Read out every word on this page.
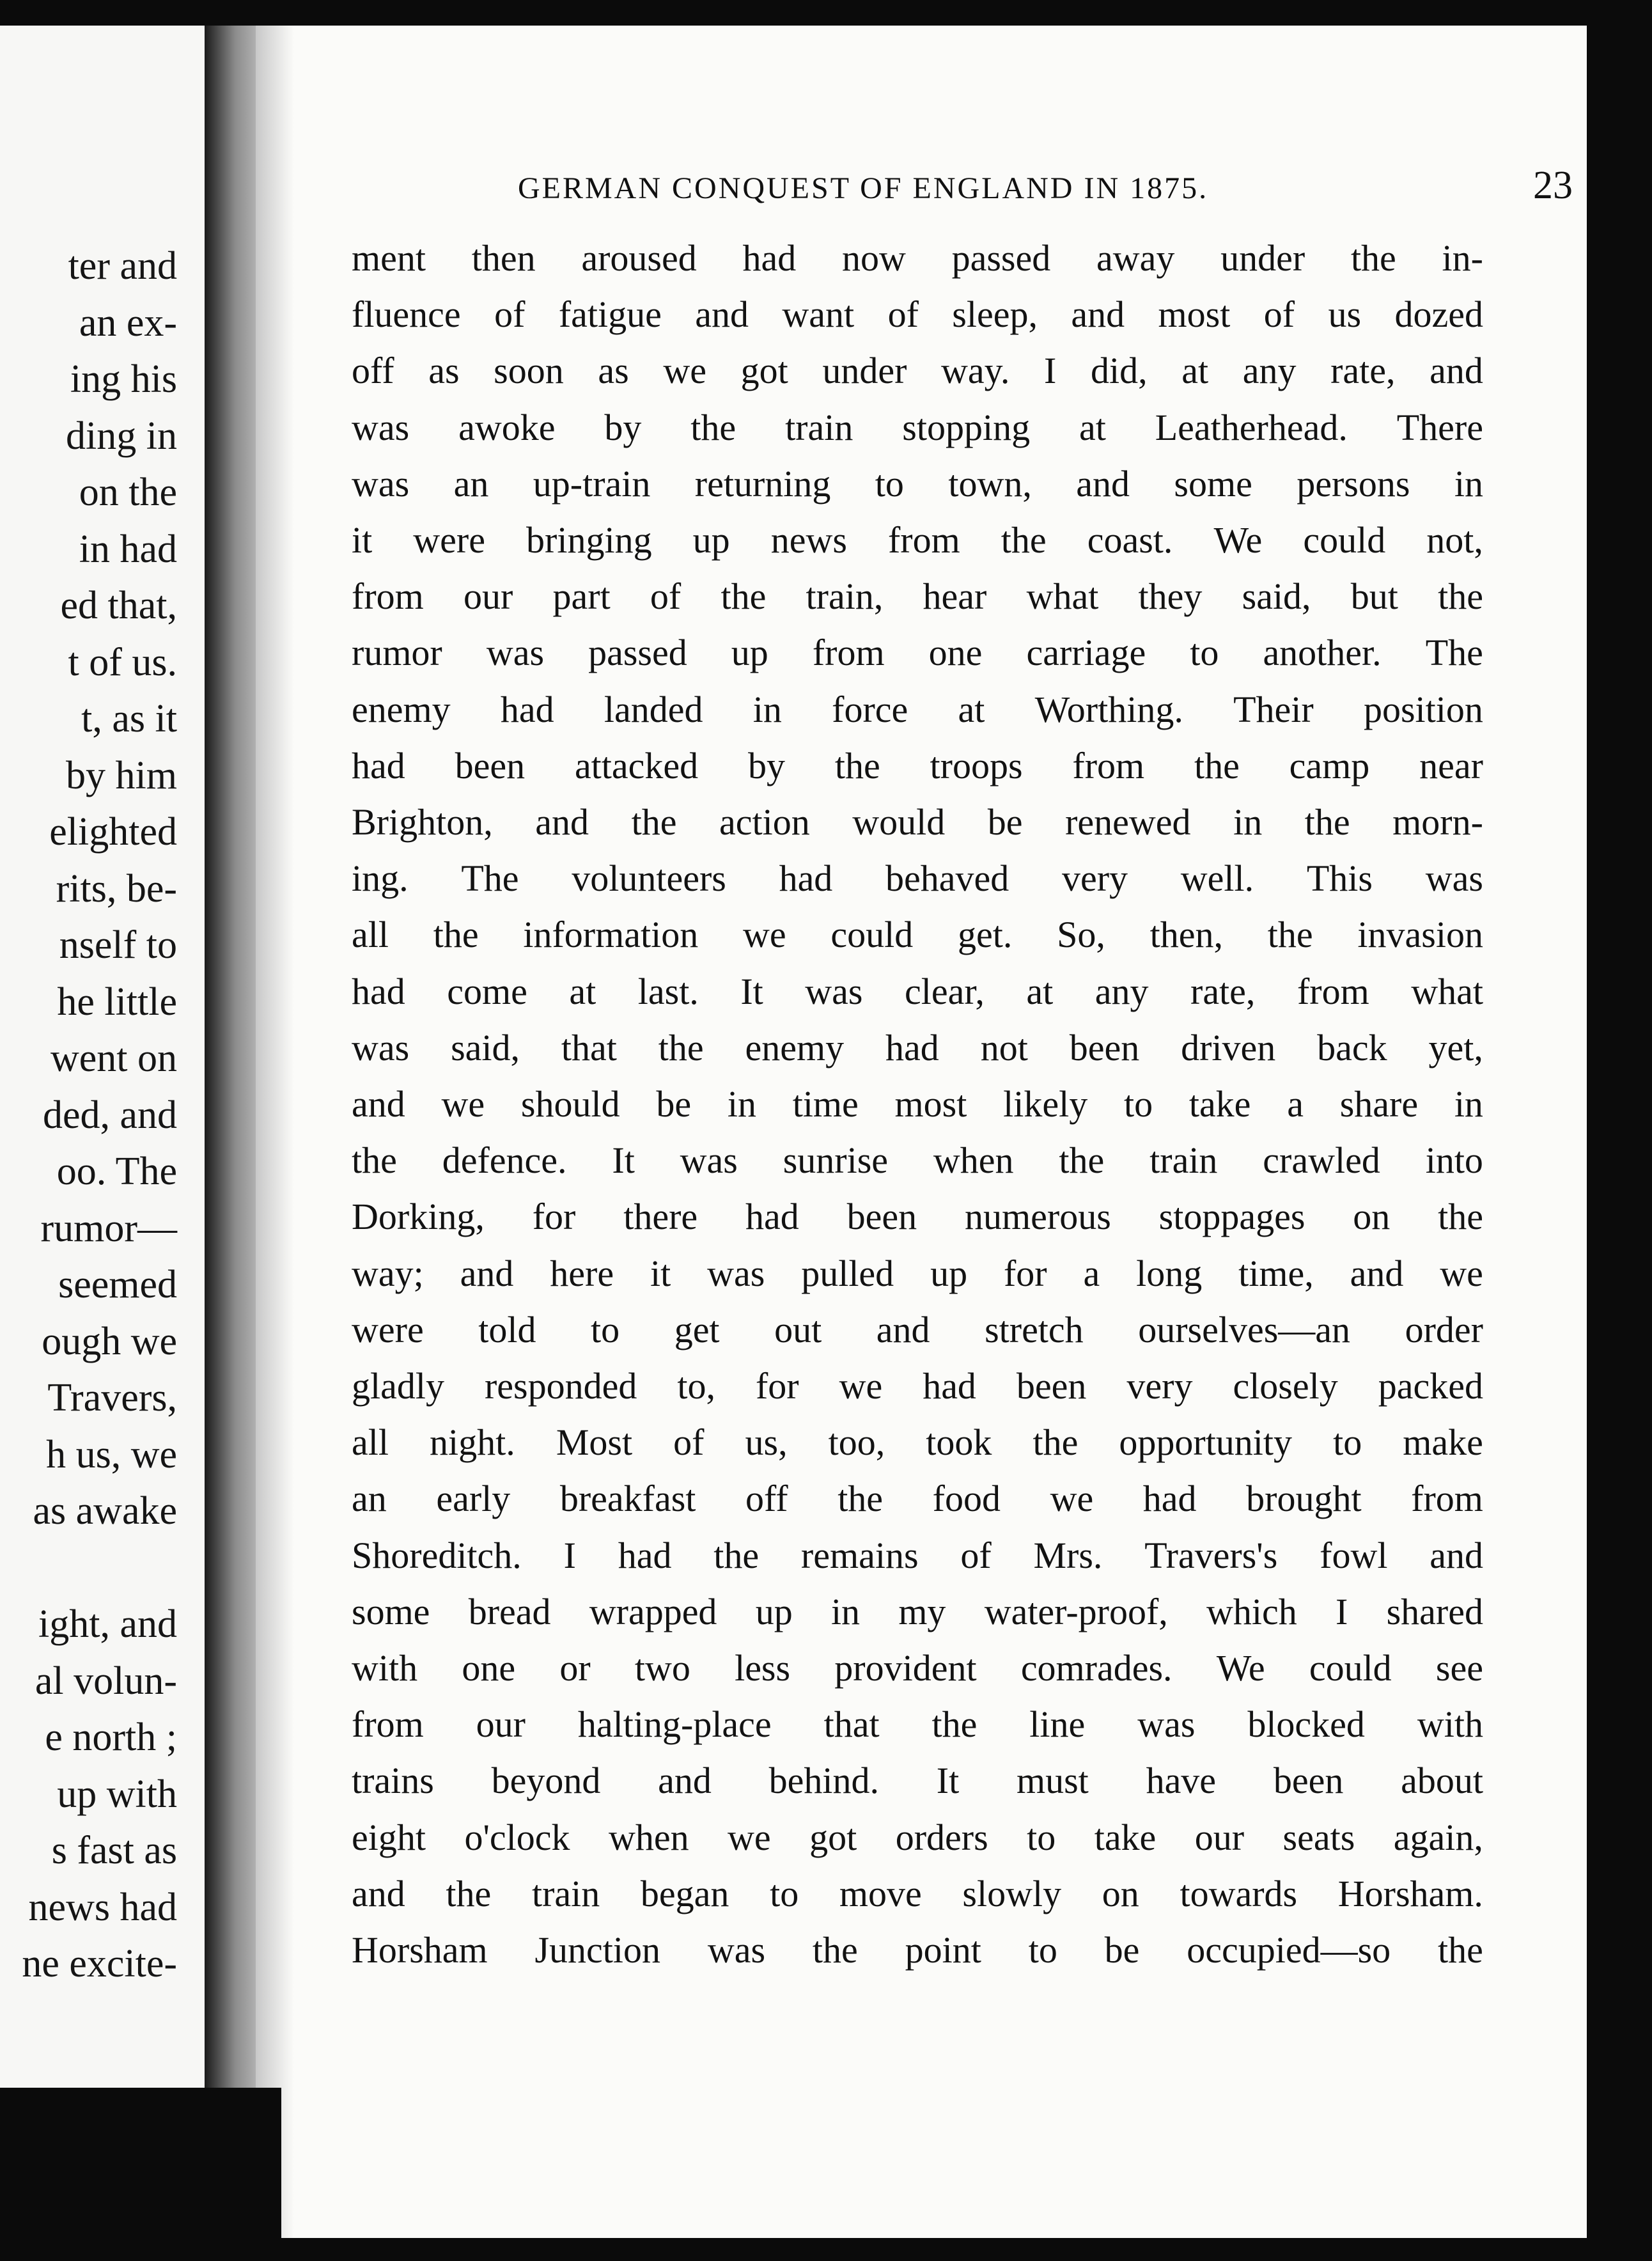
ter and
an ex-
ing his
ding in
on the
in had
ed that,
t of us.
t, as it
by him
elighted
rits, be-
nself to
he little
went on
ded, and
oo. The
rumor—
seemed
ough we
Travers,
h us, we
as awake
ight, and
al volun-
e north ;
up with
s fast as
news had
ne excite-
GERMAN CONQUEST OF ENGLAND IN 1875.	23
ment then aroused had now passed away under the in-
fluence of fatigue and want of sleep, and most of us dozed
off as soon as we got under way. I did, at any rate, and
was awoke by the train stopping at Leatherhead. There
was an up-train returning to town, and some persons in
it were bringing up news from the coast. We could not,
from our part of the train, hear what they said, but the
rumor was passed up from one carriage to another. The
enemy had landed in force at Worthing. Their position
had been attacked by the troops from the camp near
Brighton, and the action would be renewed in the morn-
ing. The volunteers had behaved very well. This was
all the information we could get. So, then, the invasion
had come at last. It was clear, at any rate, from what
was said, that the enemy had not been driven back yet,
and we should be in time most likely to take a share in
the defence. It was sunrise when the train crawled into
Dorking, for there had been numerous stoppages on the
way; and here it was pulled up for a long time, and we
were told to get out and stretch ourselves—an order
gladly responded to, for we had been very closely packed
all night. Most of us, too, took the opportunity to make
an early breakfast off the food we had brought from
Shoreditch. I had the remains of Mrs. Travers's fowl and
some bread wrapped up in my water-proof, which I shared
with one or two less provident comrades. We could see
from our halting-place that the line was blocked with
trains beyond and behind. It must have been about
eight o'clock when we got orders to take our seats again,
and the train began to move slowly on towards Horsham.
Horsham Junction was the point to be occupied—so the
